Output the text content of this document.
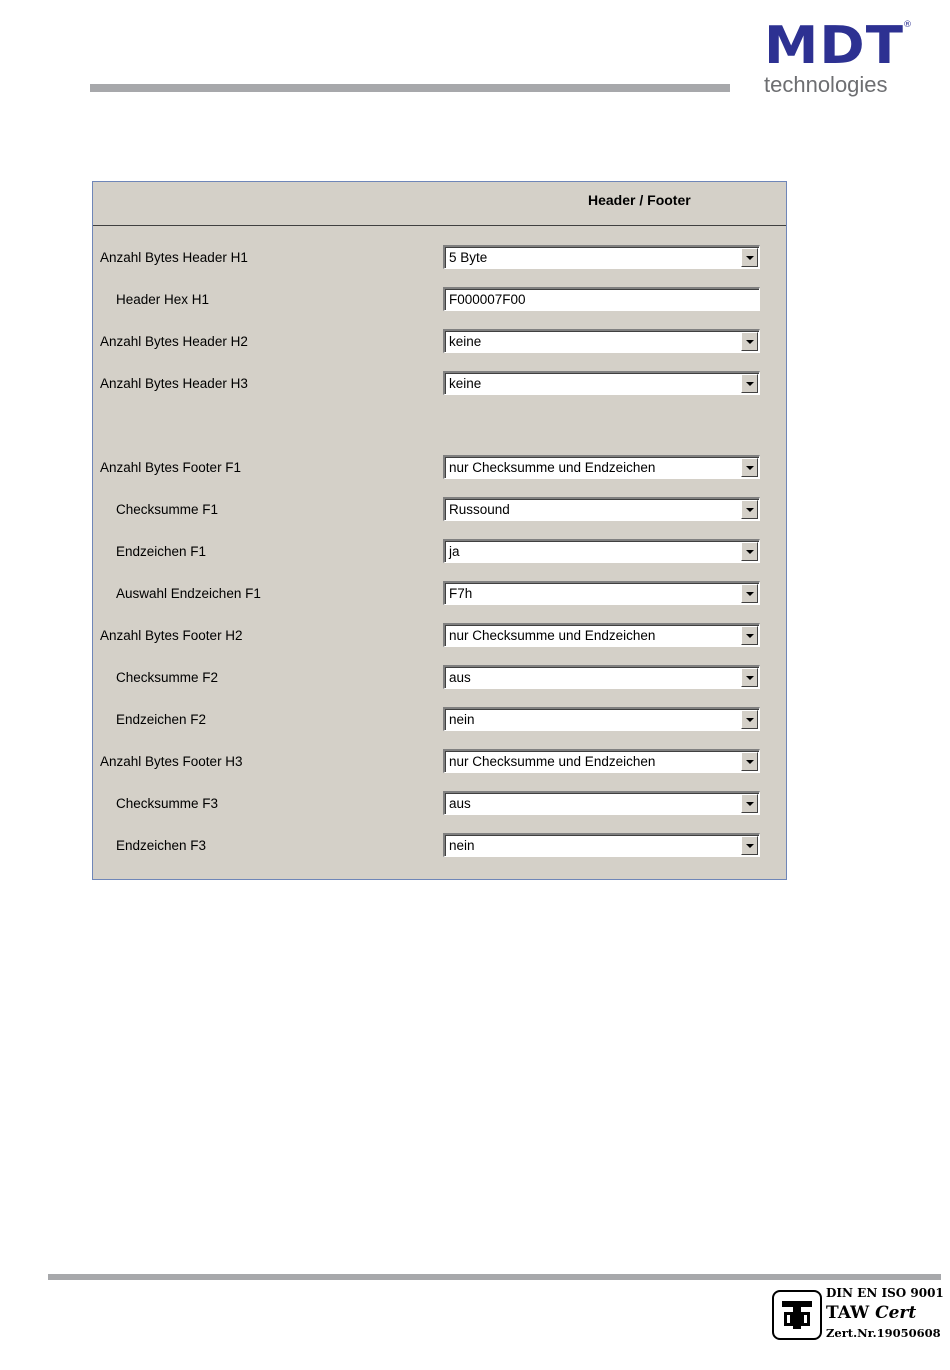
MDT
®
technologies
Header / Footer
Anzahl Bytes Header H1	5 Byte
Header Hex H1	F000007F00
Anzahl Bytes Header H2	keine
Anzahl Bytes Header H3	keine
Anzahl Bytes Footer F1	nur Checksumme und Endzeichen
Checksumme F1	Russound
Endzeichen F1	ja
Auswahl Endzeichen F1	F7h
Anzahl Bytes Footer H2	nur Checksumme und Endzeichen
Checksumme F2	aus
Endzeichen F2	nein
Anzahl Bytes Footer H3	nur Checksumme und Endzeichen
Checksumme F3	aus
Endzeichen F3	nein
DIN EN ISO 9001
TAW Cert
Zert.Nr.19050608
